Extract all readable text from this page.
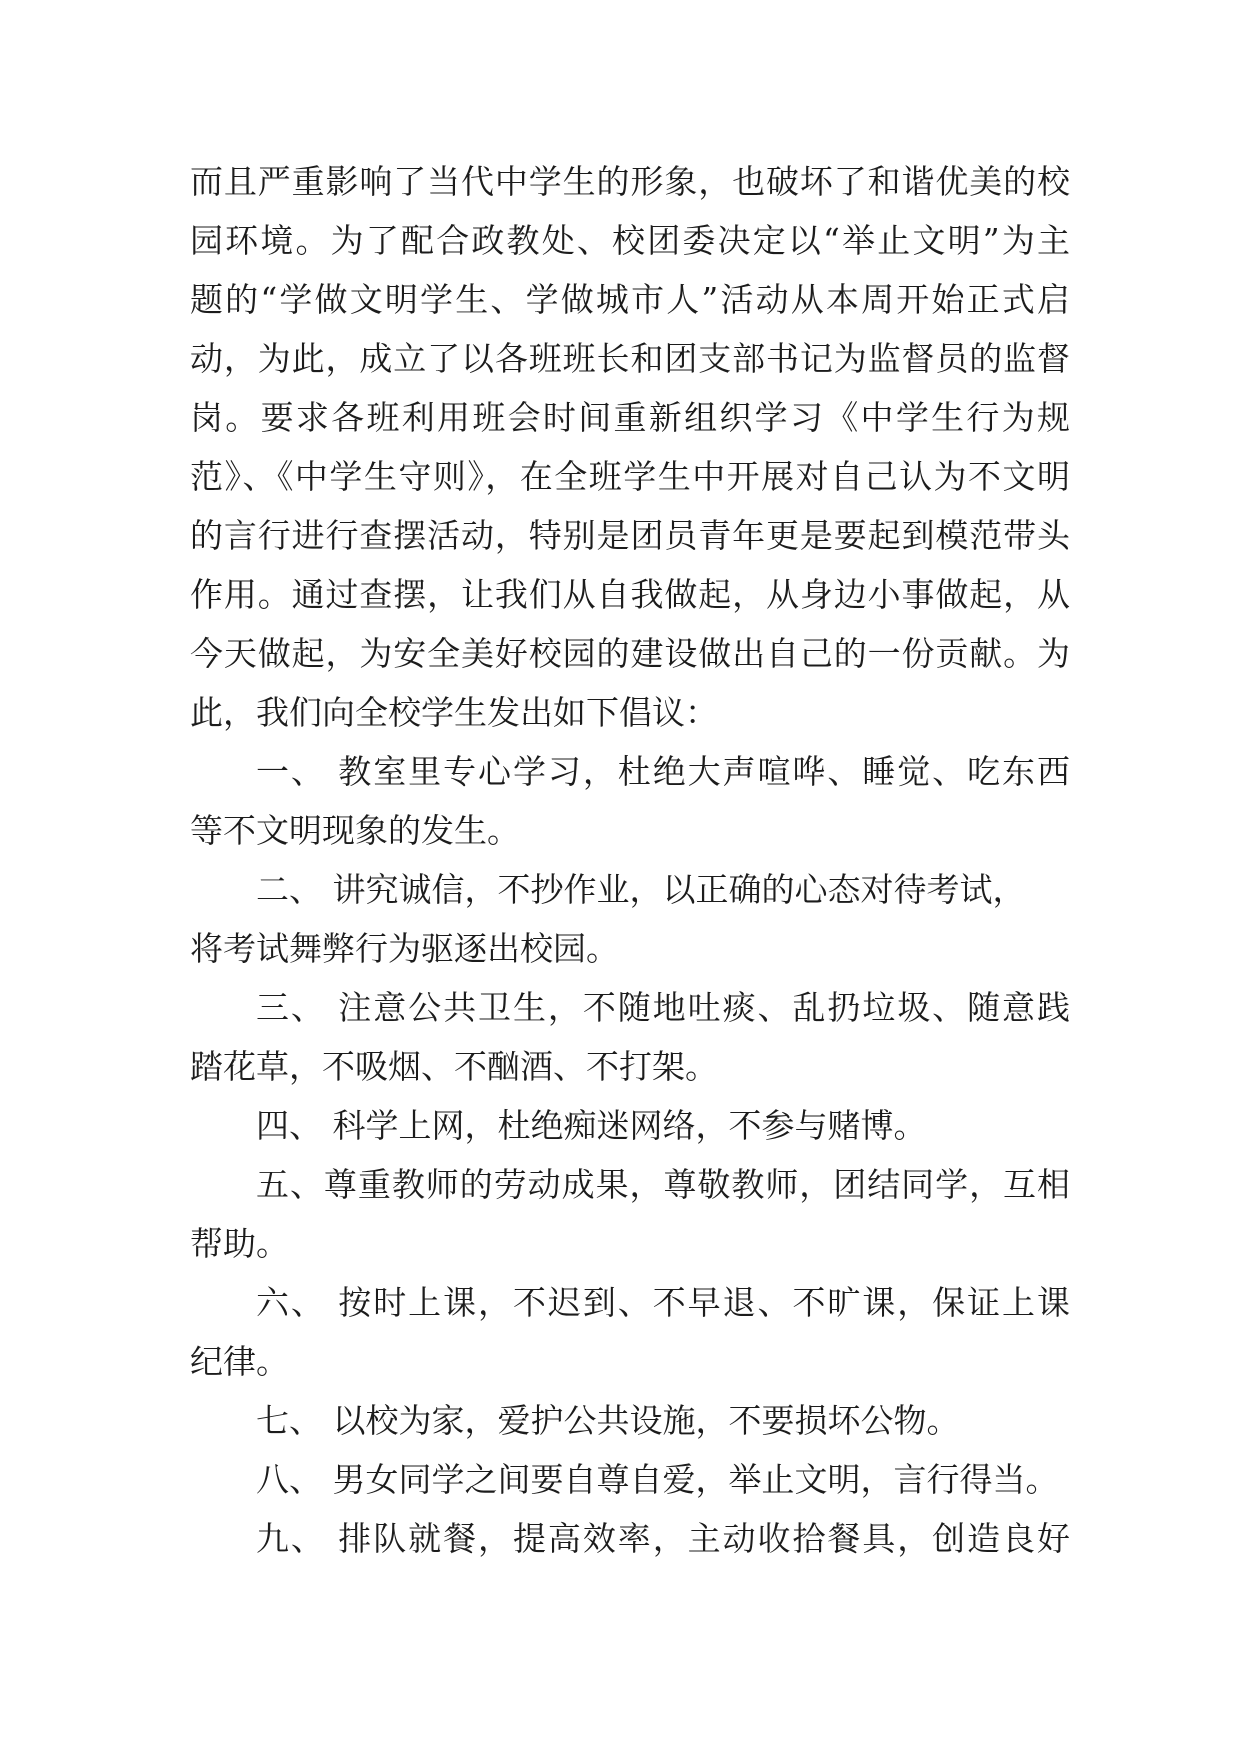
而且严重影响了当代中学生的形象，也破坏了和谐优美的校
园环境。为了配合政教处、校团委决定以“举止文明”为主
题的“学做文明学生、学做城市人”活动从本周开始正式启
动，为此，成立了以各班班长和团支部书记为监督员的监督
岗。要求各班利用班会时间重新组织学习《中学生行为规
范》、《中学生守则》，在全班学生中开展对自己认为不文明
的言行进行查摆活动，特别是团员青年更是要起到模范带头
作用。通过查摆，让我们从自我做起，从身边小事做起，从
今天做起，为安全美好校园的建设做出自己的一份贡献。为
此，我们向全校学生发出如下倡议：
一、 教室里专心学习，杜绝大声喧哗、睡觉、吃东西
等不文明现象的发生。
二、 讲究诚信，不抄作业，以正确的心态对待考试，
将考试舞弊行为驱逐出校园。
三、 注意公共卫生，不随地吐痰、乱扔垃圾、随意践
踏花草，不吸烟、不酗酒、不打架。
四、 科学上网，杜绝痴迷网络，不参与赌博。
五、尊重教师的劳动成果，尊敬教师，团结同学，互相
帮助。
六、 按时上课，不迟到、不早退、不旷课，保证上课
纪律。
七、 以校为家，爱护公共设施，不要损坏公物。
八、 男女同学之间要自尊自爱，举止文明，言行得当。
九、 排队就餐，提高效率，主动收拾餐具，创造良好
